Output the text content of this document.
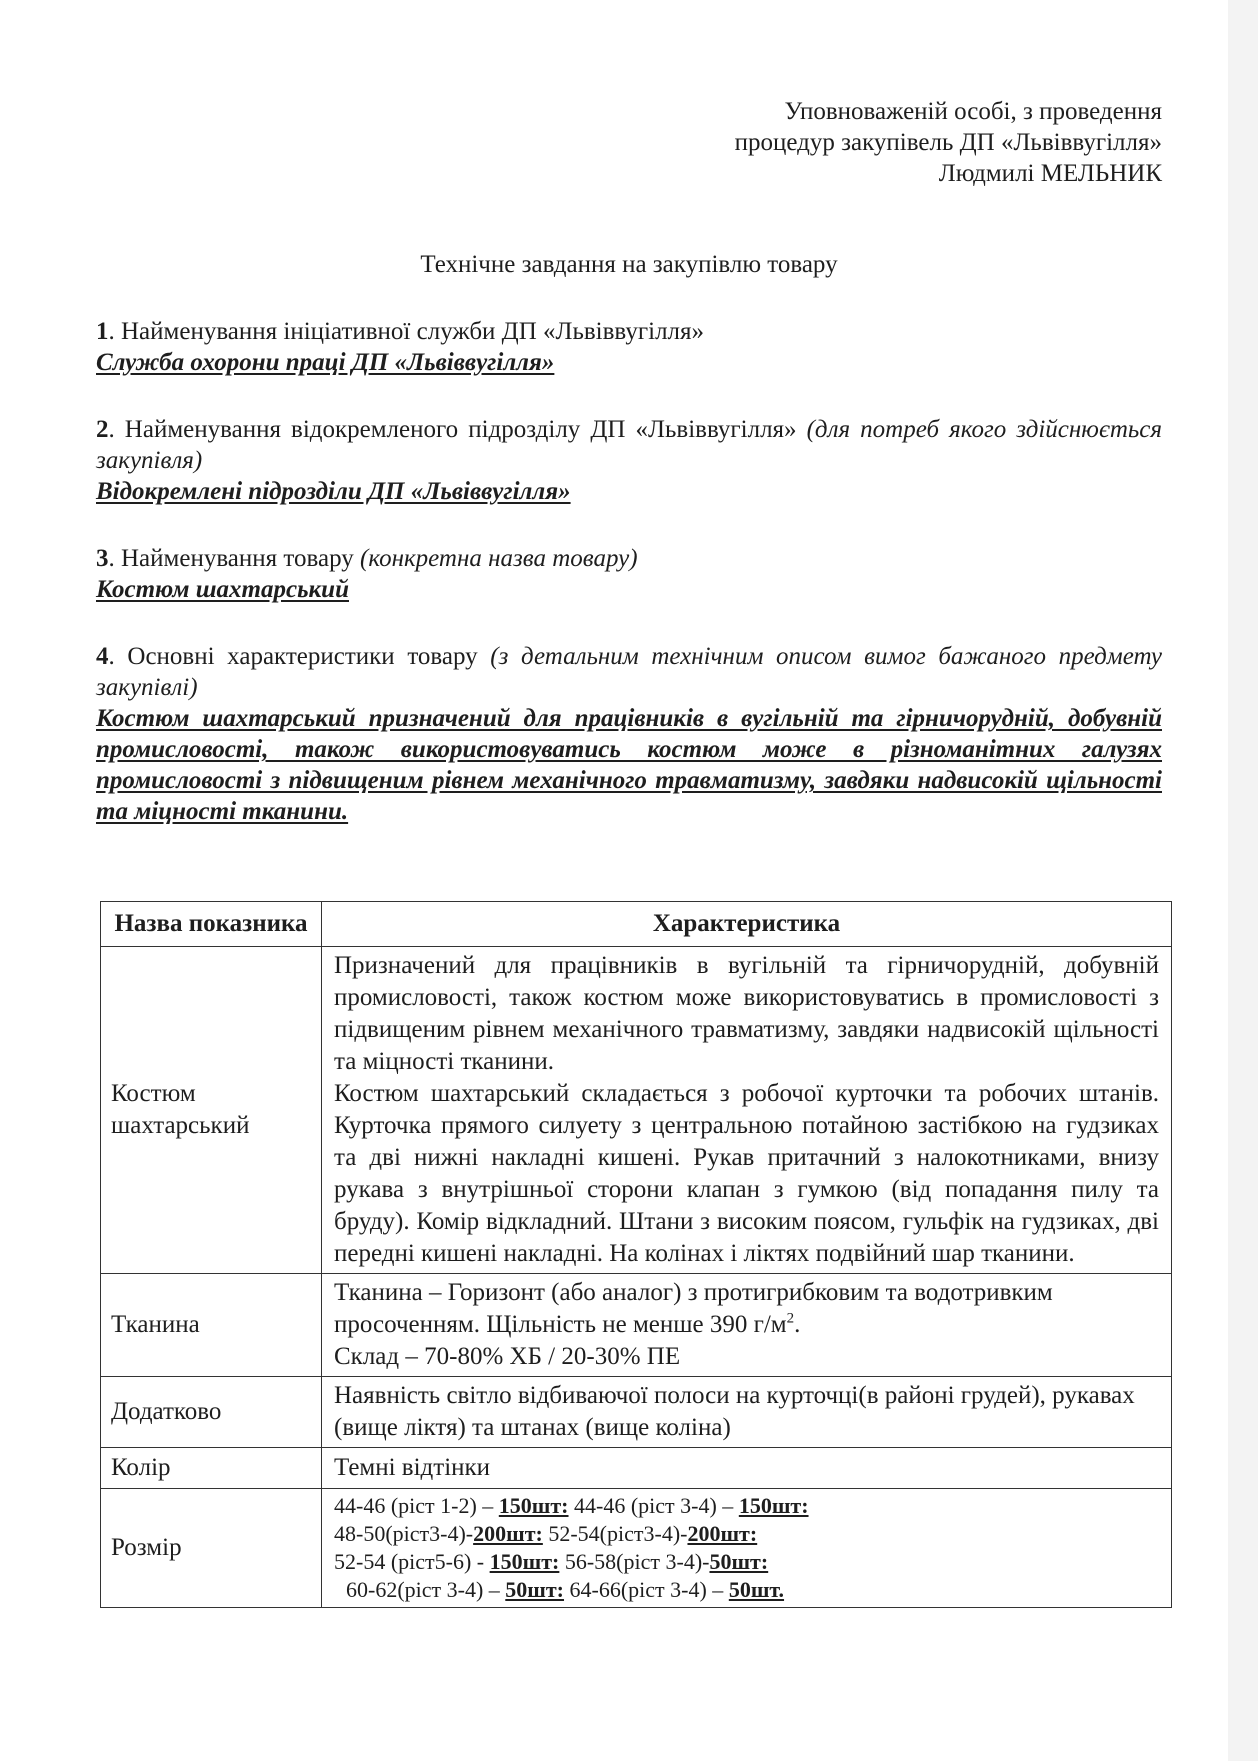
Уповноваженій особі, з проведення
процедур закупівель ДП «Львіввугілля»
Людмилі МЕЛЬНИК
Технічне завдання на закупівлю товару

1. Найменування ініціативної служби ДП «Львіввугілля»

Служба охорони праці ДП «Львіввугілля»

2. Найменування відокремленого підрозділу ДП «Львіввугілля» (для потреб якого здійснюється закупівля)

Відокремлені підрозділи ДП «Львіввугілля»

3. Найменування товару (конкретна назва товару)

Костюм шахтарський

4. Основні характеристики товару (з детальним технічним описом вимог бажаного предмету закупівлі)

Костюм шахтарський призначений для працівників в вугільній та гірничорудній, добувній промисловості, також використовуватись костюм може в різноманітних галузях промисловості з підвищеним рівнем механічного травматизму, завдяки надвисокій щільності та міцності тканини.

Назва показника	Характеристика
Костюм шахтарський	Призначений для працівників в вугільній та гірничорудній, добувній промисловості, також костюм може використовуватись в промисловості з підвищеним рівнем механічного травматизму, завдяки надвисокій щільності та міцності тканини.

Костюм шахтарський складається з робочої курточки та робочих штанів. Курточка прямого силуету з центральною потайною застібкою на гудзиках та дві нижні накладні кишені. Рукав притачний з налокотниками, внизу рукава з внутрішньої сторони клапан з гумкою (від попадання пилу та бруду). Комір відкладний. Штани з високим поясом, гульфік на гудзиках, дві передні кишені накладні. На колінах і ліктях подвійний шар тканини.

Тканина	Тканина – Горизонт (або аналог) з протигрибковим та водотривким просоченням. Щільність не менше 390 $г/м^2$.

Склад – 70-80% ХБ / 20-30% ПЕ

Додатково	Наявність світло відбиваючої полоси на курточці(в районі грудей), рукавах (вище ліктя) та штанах (вище коліна)
Колір	Темні відтінки
Розмір	44-46 (ріст 1-2) – 150шт: 44-46 (ріст 3-4) – 150шт:
48-50(ріст3-4)-200шт: 52-54(ріст3-4)-200шт:
52-54 (ріст5-6) - 150шт: 56-58(ріст 3-4)-50шт:
60-62(ріст 3-4) – 50шт: 64-66(ріст 3-4) – 50шт.
